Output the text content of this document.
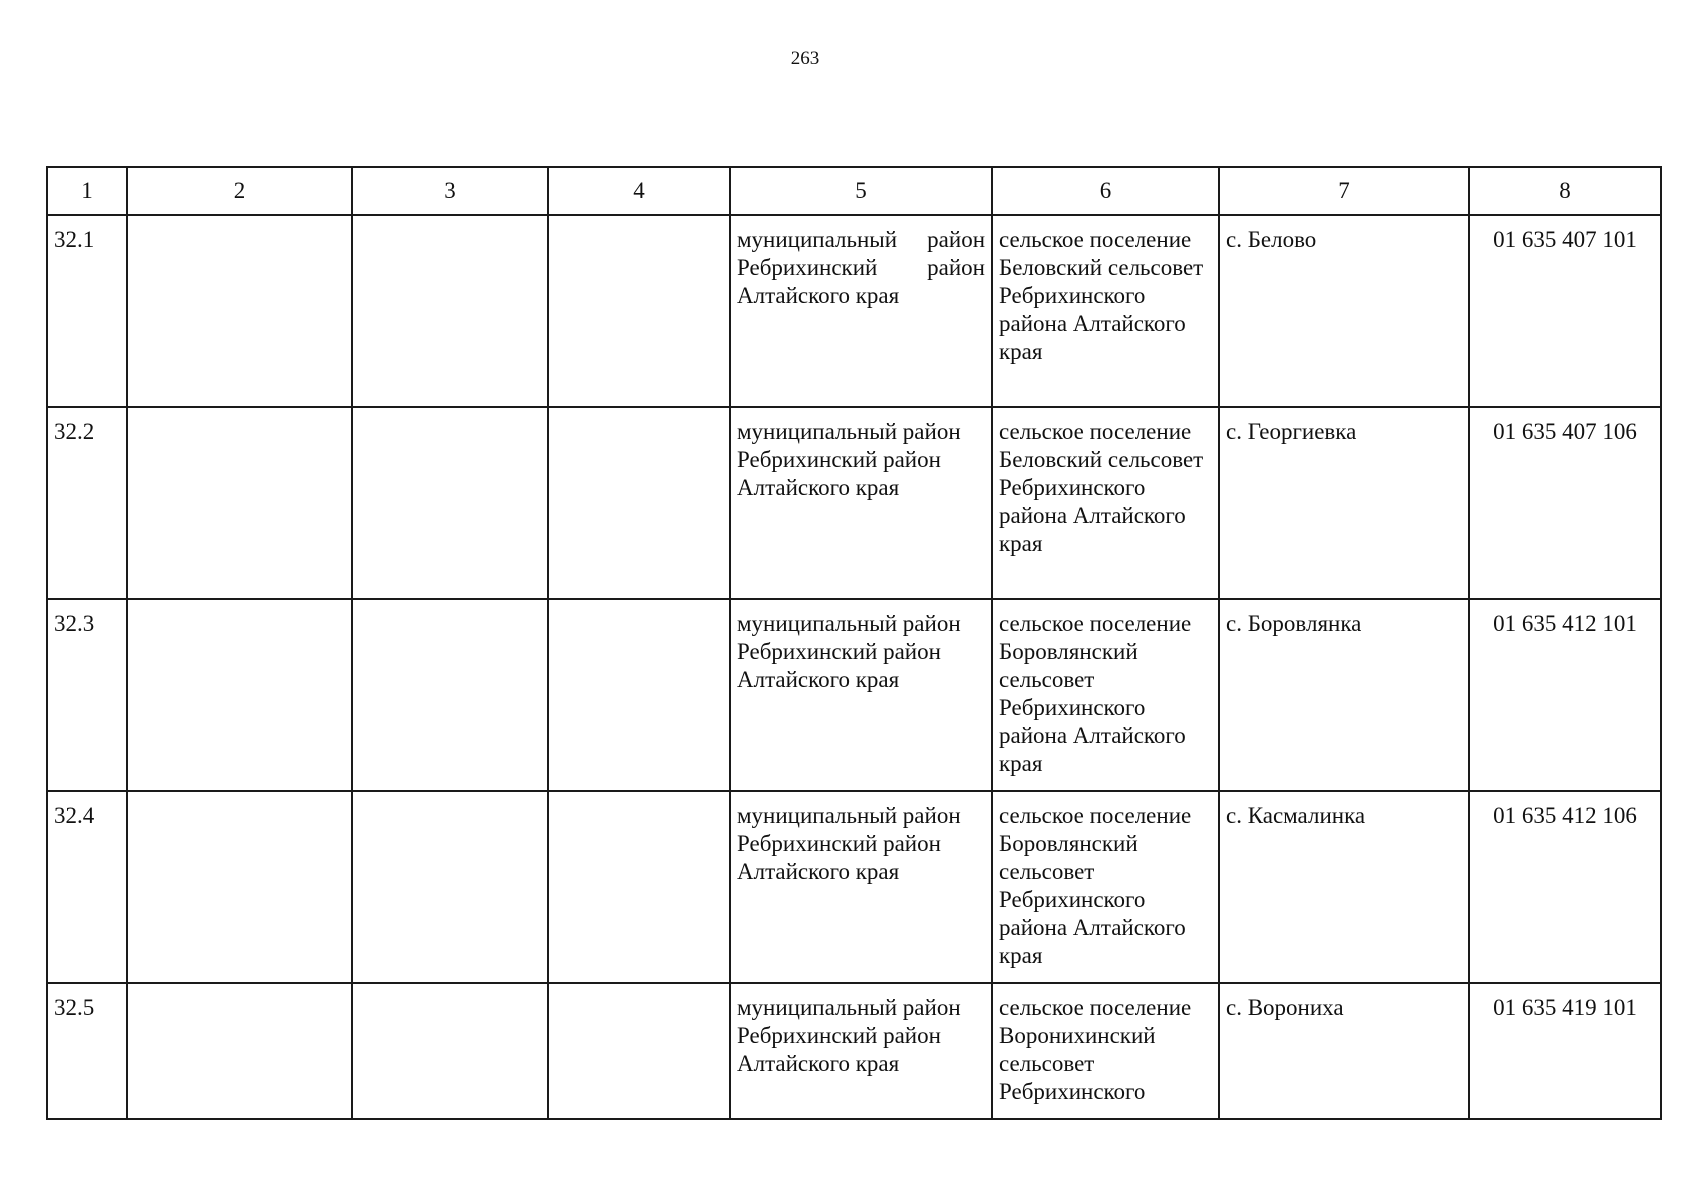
263
1	2	3	4	5	6	7	8
32.1				муниципальный район Ребрихинский район Алтайского края	сельское поселение Беловский сельсовет Ребрихинского района Алтайского края	с. Белово	01 635 407 101
32.2				муниципальный район Ребрихинский район Алтайского края	сельское поселение Беловский сельсовет Ребрихинского района Алтайского края	с. Георгиевка	01 635 407 106
32.3				муниципальный район Ребрихинский район Алтайского края	сельское поселение Боровлянский сельсовет Ребрихинского района Алтайского края	с. Боровлянка	01 635 412 101
32.4				муниципальный район Ребрихинский район Алтайского края	сельское поселение Боровлянский сельсовет Ребрихинского района Алтайского края	с. Касмалинка	01 635 412 106
32.5				муниципальный район Ребрихинский район Алтайского края	сельское поселение Воронихинский сельсовет Ребрихинского	с. Ворониха	01 635 419 101
